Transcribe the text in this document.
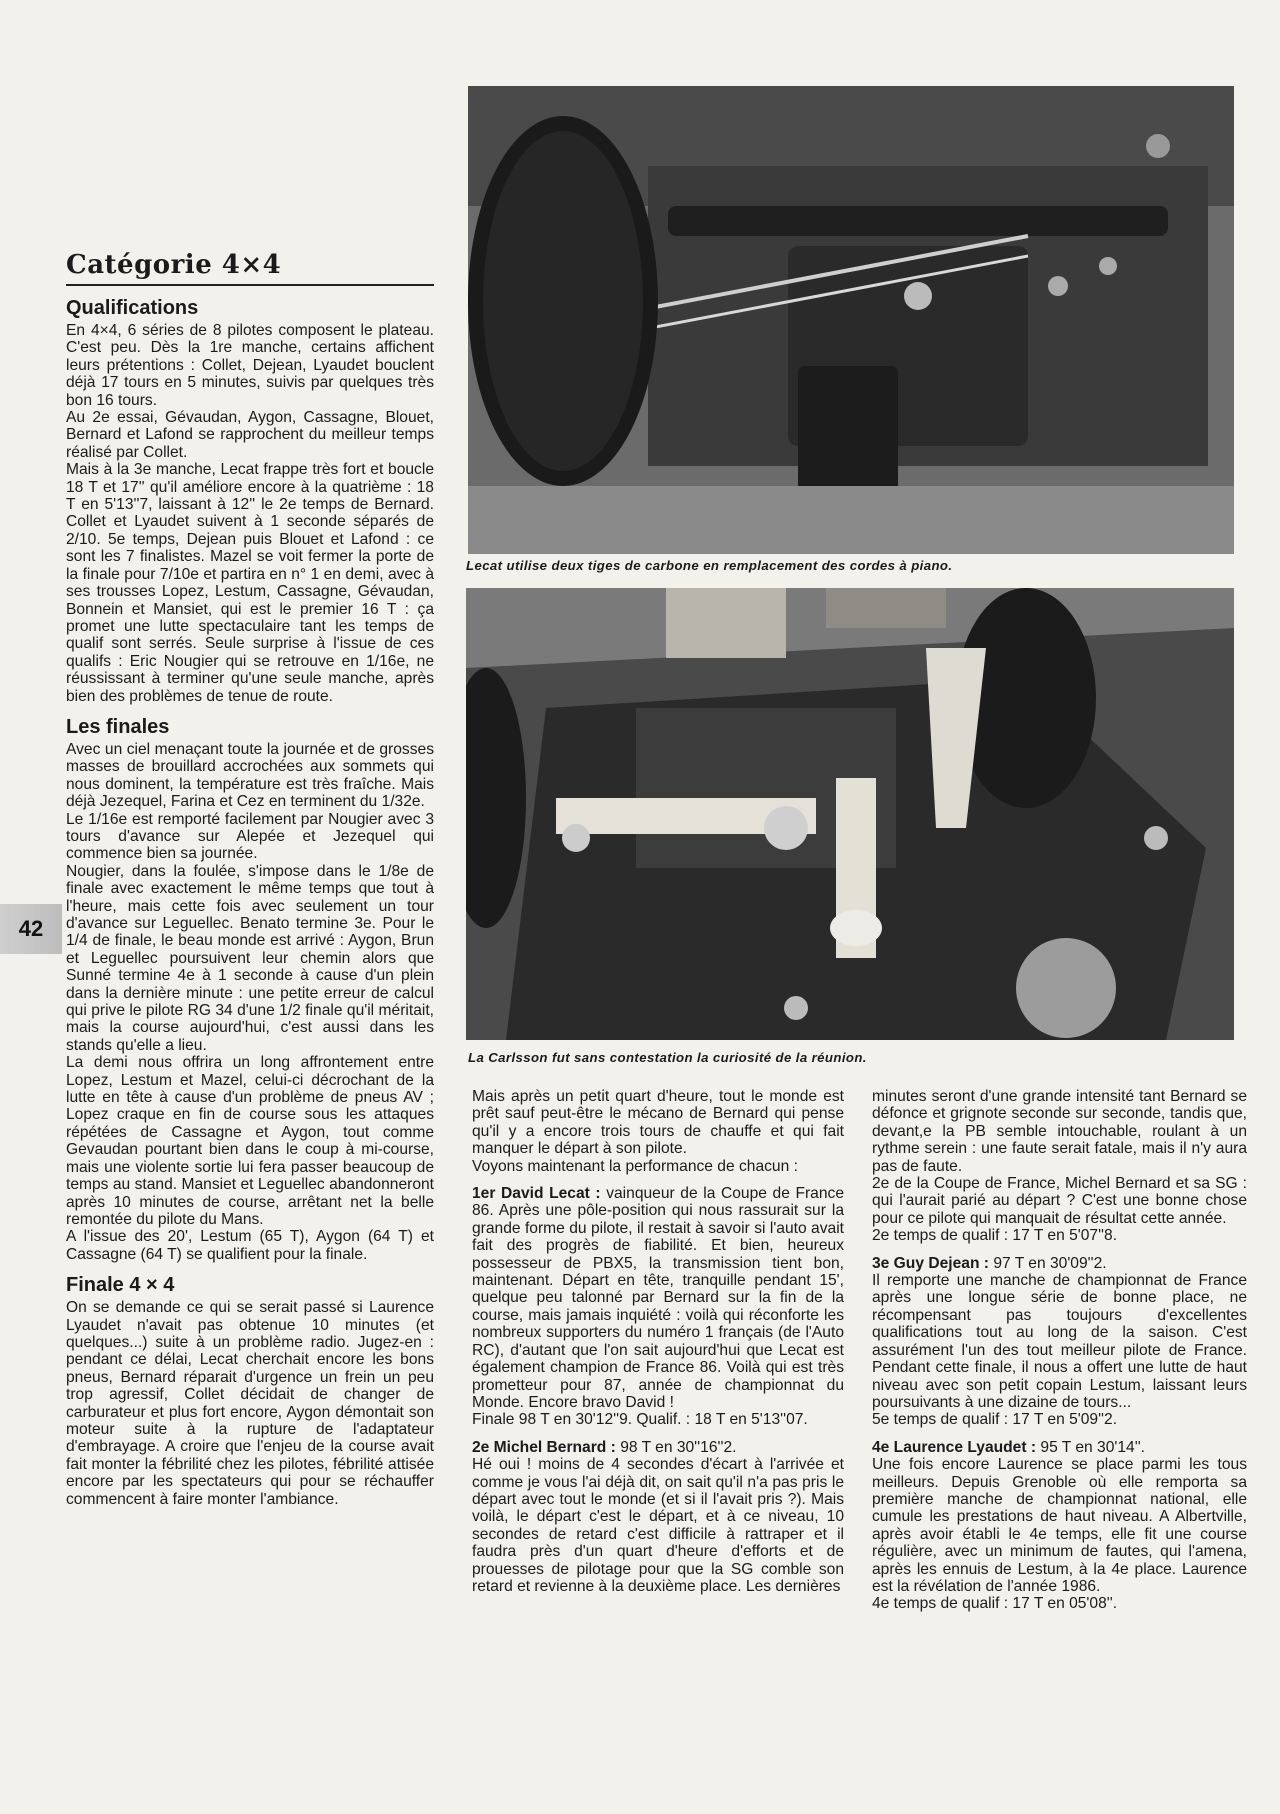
Catégorie 4×4
Qualifications

En 4×4, 6 séries de 8 pilotes composent le plateau. C'est peu. Dès la 1re manche, certains affichent leurs prétentions : Collet, Dejean, Lyaudet bouclent déjà 17 tours en 5 minutes, suivis par quelques très bon 16 tours.

Au 2e essai, Gévaudan, Aygon, Cassagne, Blouet, Bernard et Lafond se rapprochent du meilleur temps réalisé par Collet.

Mais à la 3e manche, Lecat frappe très fort et boucle 18 T et 17'' qu'il améliore encore à la quatrième : 18 T en 5'13''7, laissant à 12'' le 2e temps de Bernard. Collet et Lyaudet suivent à 1 seconde séparés de 2/10. 5e temps, Dejean puis Blouet et Lafond : ce sont les 7 finalistes. Mazel se voit fermer la porte de la finale pour 7/10e et partira en n° 1 en demi, avec à ses trousses Lopez, Lestum, Cassagne, Gévaudan, Bonnein et Mansiet, qui est le premier 16 T : ça promet une lutte spectaculaire tant les temps de qualif sont serrés. Seule surprise à l'issue de ces qualifs : Eric Nougier qui se retrouve en 1/16e, ne réussissant à terminer qu'une seule manche, après bien des problèmes de tenue de route.

Les finales

Avec un ciel menaçant toute la journée et de grosses masses de brouillard accrochées aux sommets qui nous dominent, la température est très fraîche. Mais déjà Jezequel, Farina et Cez en terminent du 1/32e.

Le 1/16e est remporté facilement par Nougier avec 3 tours d'avance sur Alepée et Jezequel qui commence bien sa journée.

Nougier, dans la foulée, s'impose dans le 1/8e de finale avec exactement le même temps que tout à l'heure, mais cette fois avec seulement un tour d'avance sur Leguellec. Benato termine 3e. Pour le 1/4 de finale, le beau monde est arrivé : Aygon, Brun et Leguellec poursuivent leur chemin alors que Sunné termine 4e à 1 seconde à cause d'un plein dans la dernière minute : une petite erreur de calcul qui prive le pilote RG 34 d'une 1/2 finale qu'il méritait, mais la course aujourd'hui, c'est aussi dans les stands qu'elle a lieu.

La demi nous offrira un long affrontement entre Lopez, Lestum et Mazel, celui-ci décrochant de la lutte en tête à cause d'un problème de pneus AV ; Lopez craque en fin de course sous les attaques répétées de Cassagne et Aygon, tout comme Gevaudan pourtant bien dans le coup à mi-course, mais une violente sortie lui fera passer beaucoup de temps au stand. Mansiet et Leguellec abandonneront après 10 minutes de course, arrêtant net la belle remontée du pilote du Mans.

A l'issue des 20', Lestum (65 T), Aygon (64 T) et Cassagne (64 T) se qualifient pour la finale.

Finale 4 × 4

On se demande ce qui se serait passé si Laurence Lyaudet n'avait pas obtenue 10 minutes (et quelques...) suite à un problème radio. Jugez-en : pendant ce délai, Lecat cherchait encore les bons pneus, Bernard réparait d'urgence un frein un peu trop agressif, Collet décidait de changer de carburateur et plus fort encore, Aygon démontait son moteur suite à la rupture de l'adaptateur d'embrayage. A croire que l'enjeu de la course avait fait monter la fébrilité chez les pilotes, fébrilité attisée encore par les spectateurs qui pour se réchauffer commencent à faire monter l'ambiance.

42
Lecat utilise deux tiges de carbone en remplacement des cordes à piano.
La Carlsson fut sans contestation la curiosité de la réunion.

Mais après un petit quart d'heure, tout le monde est prêt sauf peut-être le mécano de Bernard qui pense qu'il y a encore trois tours de chauffe et qui fait manquer le départ à son pilote.

Voyons maintenant la performance de chacun :

1er David Lecat : vainqueur de la Coupe de France 86. Après une pôle-position qui nous rassurait sur la grande forme du pilote, il restait à savoir si l'auto avait fait des progrès de fiabilité. Et bien, heureux possesseur de PBX5, la transmission tient bon, maintenant. Départ en tête, tranquille pendant 15', quelque peu talonné par Bernard sur la fin de la course, mais jamais inquiété : voilà qui réconforte les nombreux supporters du numéro 1 français (de l'Auto RC), d'autant que l'on sait aujourd'hui que Lecat est également champion de France 86. Voilà qui est très prometteur pour 87, année de championnat du Monde. Encore bravo David !

Finale 98 T en 30'12''9. Qualif. : 18 T en 5'13''07.

2e Michel Bernard : 98 T en 30''16''2.

Hé oui ! moins de 4 secondes d'écart à l'arrivée et comme je vous l'ai déjà dit, on sait qu'il n'a pas pris le départ avec tout le monde (et si il l'avait pris ?). Mais voilà, le départ c'est le départ, et à ce niveau, 10 secondes de retard c'est difficile à rattraper et il faudra près d'un quart d'heure d'efforts et de prouesses de pilotage pour que la SG comble son retard et revienne à la deuxième place. Les dernières

minutes seront d'une grande intensité tant Bernard se défonce et grignote seconde sur seconde, tandis que, devant,e la PB semble intouchable, roulant à un rythme serein : une faute serait fatale, mais il n'y aura pas de faute.

2e de la Coupe de France, Michel Bernard et sa SG : qui l'aurait parié au départ ? C'est une bonne chose pour ce pilote qui manquait de résultat cette année.

2e temps de qualif : 17 T en 5'07''8.

3e Guy Dejean : 97 T en 30'09''2.

Il remporte une manche de championnat de France après une longue série de bonne place, ne récompensant pas toujours d'excellentes qualifications tout au long de la saison. C'est assurément l'un des tout meilleur pilote de France. Pendant cette finale, il nous a offert une lutte de haut niveau avec son petit copain Lestum, laissant leurs poursuivants à une dizaine de tours...

5e temps de qualif : 17 T en 5'09''2.

4e Laurence Lyaudet : 95 T en 30'14''.

Une fois encore Laurence se place parmi les tous meilleurs. Depuis Grenoble où elle remporta sa première manche de championnat national, elle cumule les prestations de haut niveau. A Albertville, après avoir établi le 4e temps, elle fit une course régulière, avec un minimum de fautes, qui l'amena, après les ennuis de Lestum, à la 4e place. Laurence est la révélation de l'année 1986.

4e temps de qualif : 17 T en 05'08''.
